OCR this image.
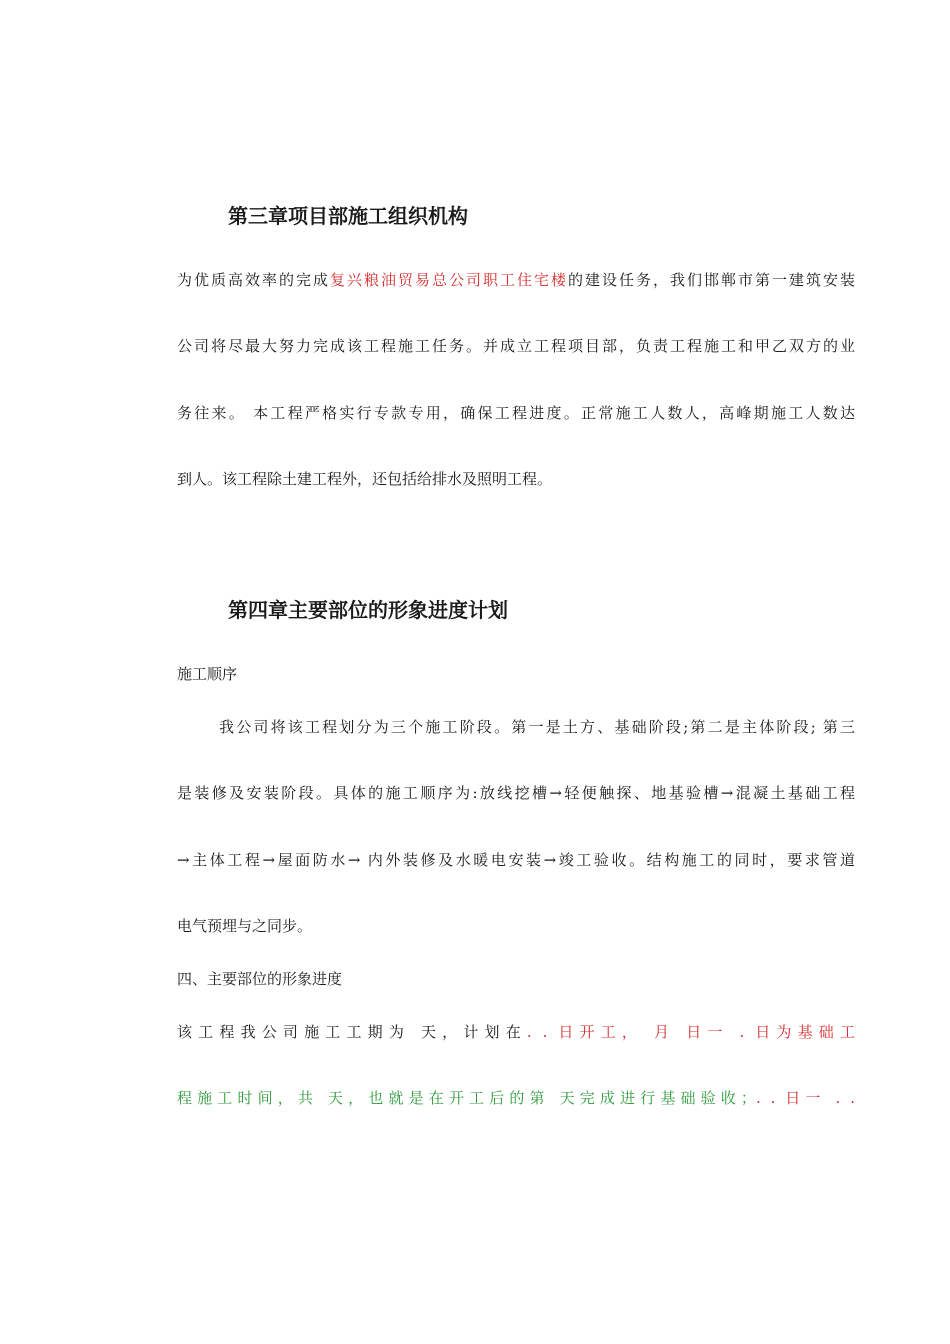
第三章项目部施工组织机构
为优质高效率的完成复兴粮油贸易总公司职工住宅楼的建设任务，我们邯郸市第一建筑安装
公司将尽最大努力完成该工程施工任务。并成立工程项目部，负责工程施工和甲乙双方的业
务往来。 本工程严格实行专款专用，确保工程进度。正常施工人数人，高峰期施工人数达
到人。该工程除土建工程外，还包括给排水及照明工程。
第四章主要部位的形象进度计划
施工顺序
我公司将该工程划分为三个施工阶段。第一是土方、基础阶段;第二是主体阶段; 第三
是装修及安装阶段。具体的施工顺序为:放线挖槽→轻便触探、地基验槽→混凝土基础工程
→主体工程→屋面防水→ 内外装修及水暖电安装→竣工验收。结构施工的同时，要求管道
电气预埋与之同步。
四、主要部位的形象进度
该工程我公司施工工期为 天，计划在. . 日开工， 月 日一 . 日为基础工
程施工时间，共 天，也就是在开工后的第 天完成进行基础验收；. . 日一 . .
